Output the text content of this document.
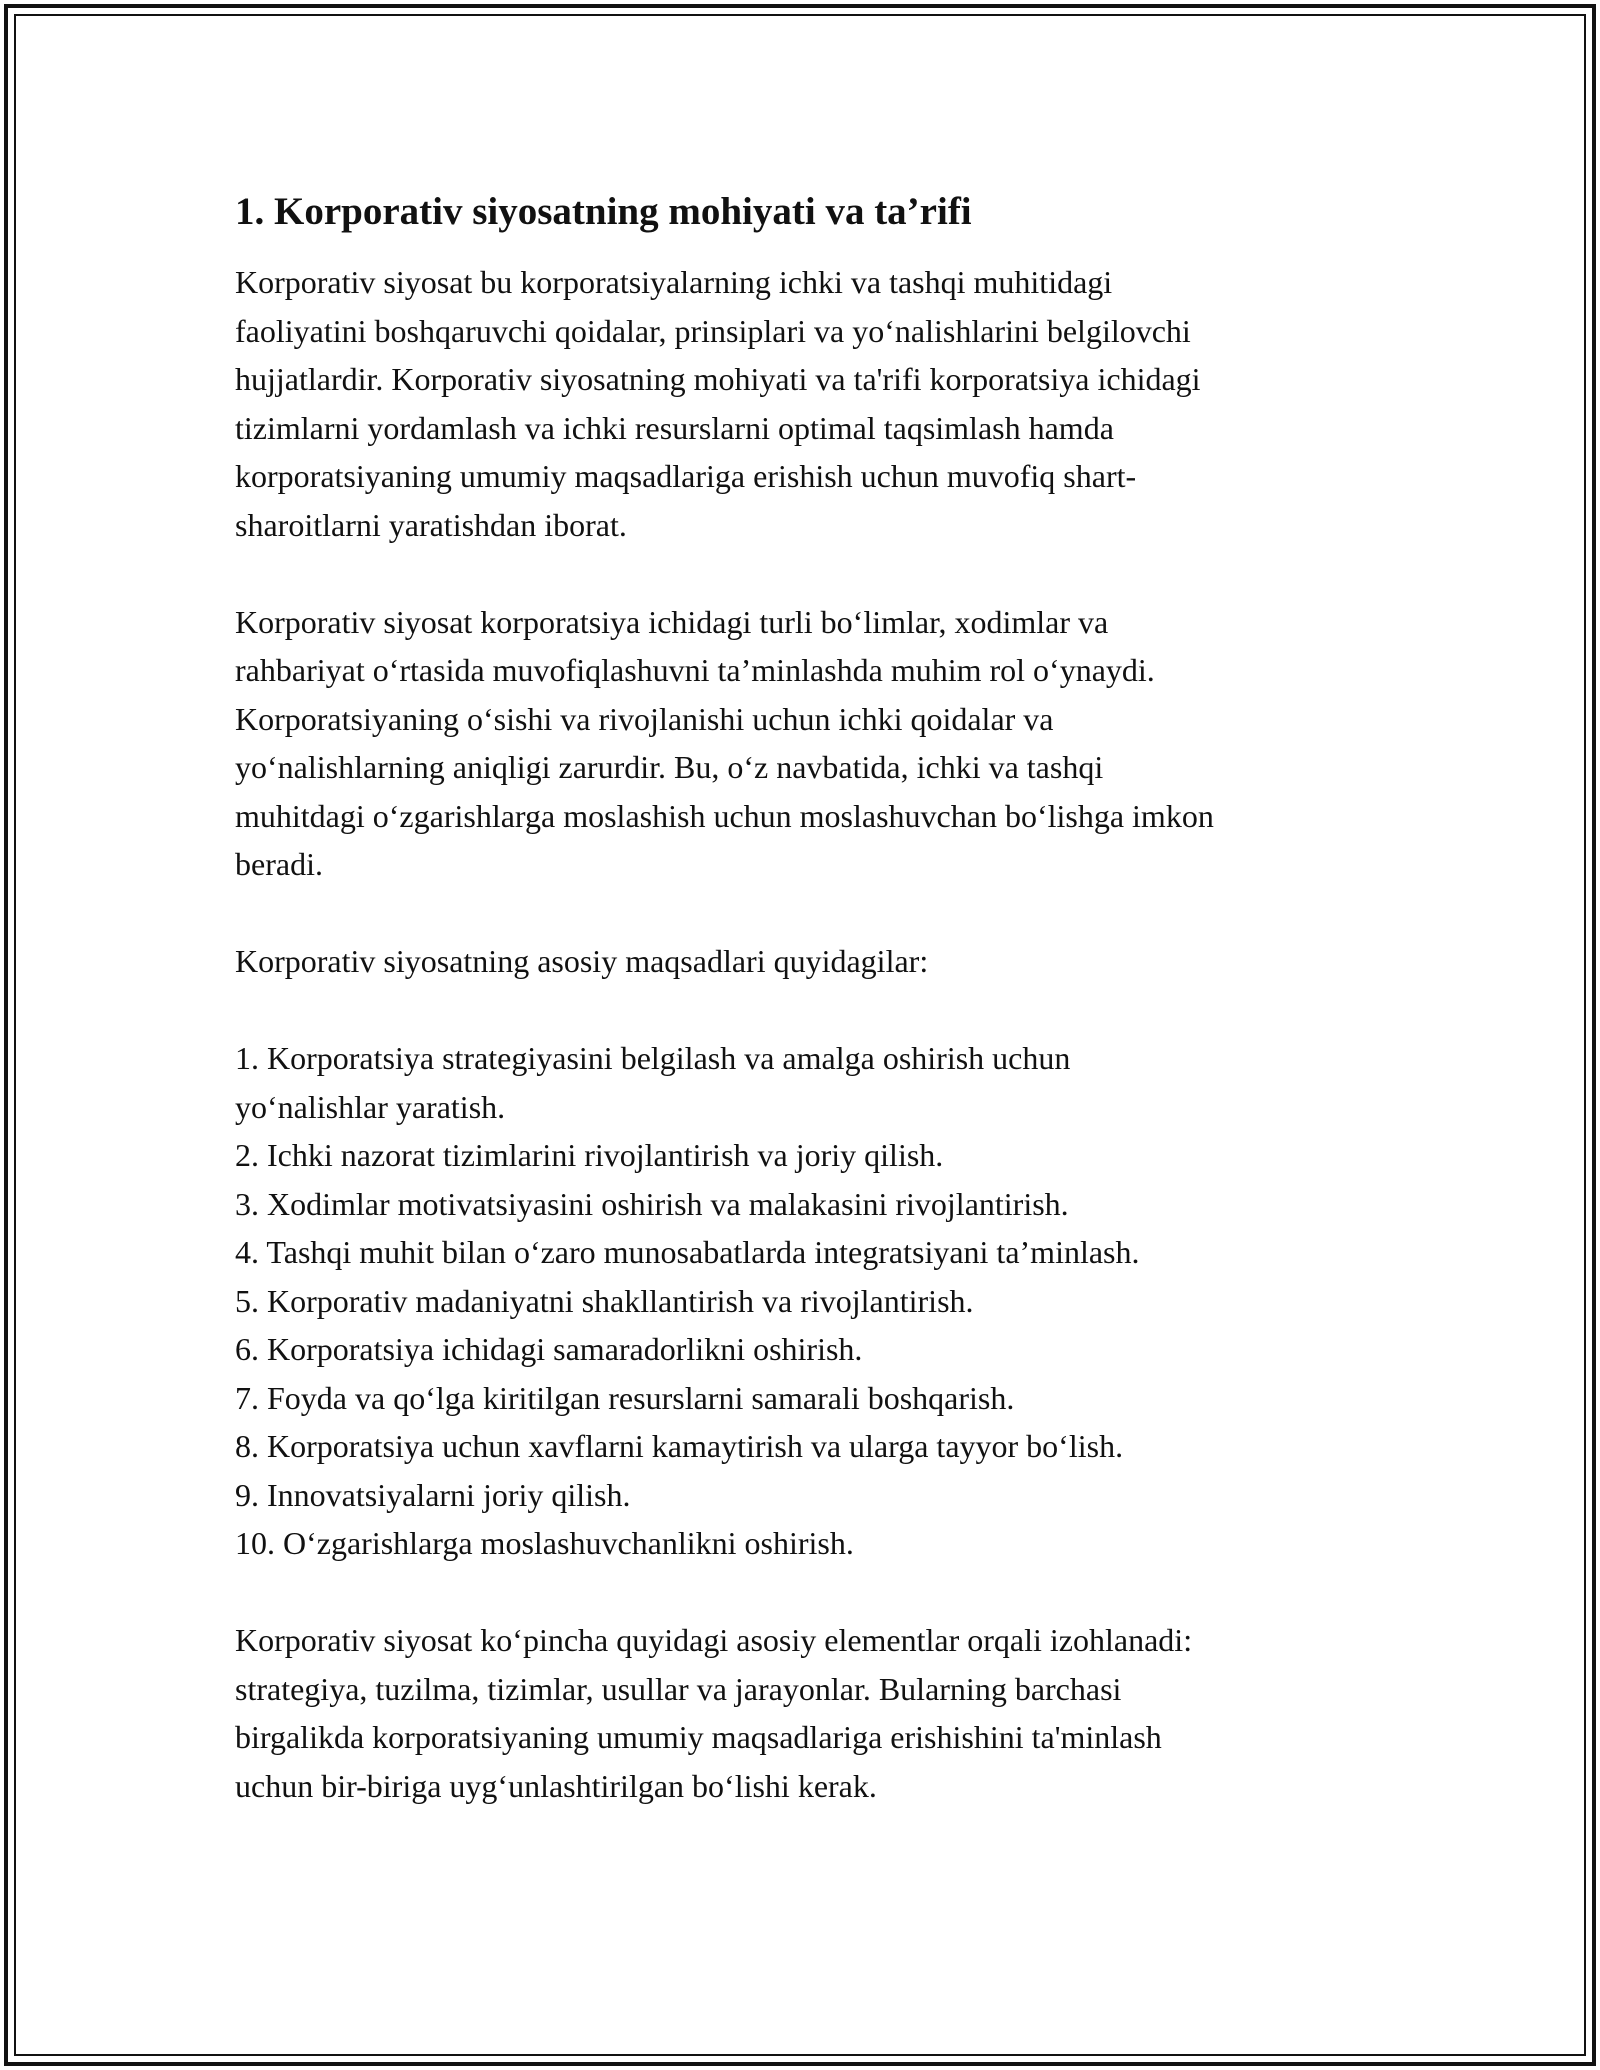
1. Korporativ siyosatning mohiyati va ta’rifi

Korporativ siyosat bu korporatsiyalarning ichki va tashqi muhitidagi
faoliyatini boshqaruvchi qoidalar, prinsiplari va yo‘nalishlarini belgilovchi
hujjatlardir. Korporativ siyosatning mohiyati va ta'rifi korporatsiya ichidagi
tizimlarni yordamlash va ichki resurslarni optimal taqsimlash hamda
korporatsiyaning umumiy maqsadlariga erishish uchun muvofiq shart-
sharoitlarni yaratishdan iborat.

Korporativ siyosat korporatsiya ichidagi turli bo‘limlar, xodimlar va
rahbariyat o‘rtasida muvofiqlashuvni ta’minlashda muhim rol o‘ynaydi.
Korporatsiyaning o‘sishi va rivojlanishi uchun ichki qoidalar va
yo‘nalishlarning aniqligi zarurdir. Bu, o‘z navbatida, ichki va tashqi
muhitdagi o‘zgarishlarga moslashish uchun moslashuvchan bo‘lishga imkon
beradi.

Korporativ siyosatning asosiy maqsadlari quyidagilar:

1. Korporatsiya strategiyasini belgilash va amalga oshirish uchun
yo‘nalishlar yaratish.
2. Ichki nazorat tizimlarini rivojlantirish va joriy qilish.
3. Xodimlar motivatsiyasini oshirish va malakasini rivojlantirish.
4. Tashqi muhit bilan o‘zaro munosabatlarda integratsiyani ta’minlash.
5. Korporativ madaniyatni shakllantirish va rivojlantirish.
6. Korporatsiya ichidagi samaradorlikni oshirish.
7. Foyda va qo‘lga kiritilgan resurslarni samarali boshqarish.
8. Korporatsiya uchun xavflarni kamaytirish va ularga tayyor bo‘lish.
9. Innovatsiyalarni joriy qilish.
10. O‘zgarishlarga moslashuvchanlikni oshirish.

Korporativ siyosat ko‘pincha quyidagi asosiy elementlar orqali izohlanadi:
strategiya, tuzilma, tizimlar, usullar va jarayonlar. Bularning barchasi
birgalikda korporatsiyaning umumiy maqsadlariga erishishini ta'minlash
uchun bir-biriga uyg‘unlashtirilgan bo‘lishi kerak.
